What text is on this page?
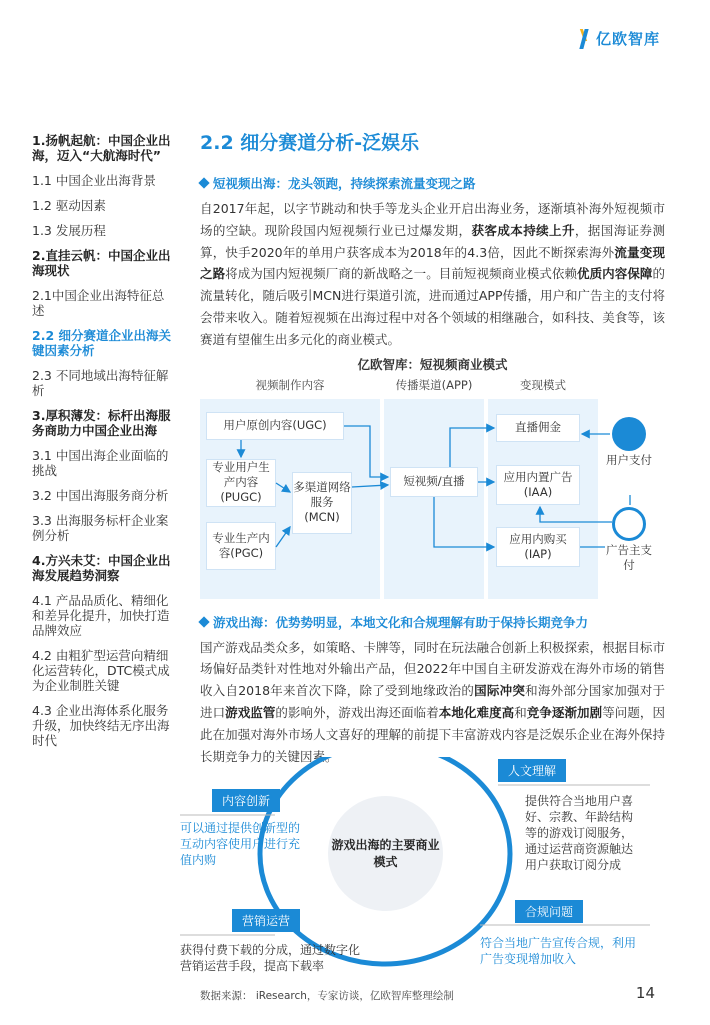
亿欧智库
1.扬帆起航：中国企业出海，迈入“大航海时代”
1.1 中国企业出海背景
1.2 驱动因素
1.3 发展历程
2.直挂云帆：中国企业出海现状
2.1中国企业出海特征总述
2.2 细分赛道企业出海关键因素分析
2.3 不同地域出海特征解析
3.厚积薄发：标杆出海服务商助力中国企业出海
3.1 中国出海企业面临的挑战
3.2 中国出海服务商分析
3.3 出海服务标杆企业案例分析
4.方兴未艾：中国企业出海发展趋势洞察
4.1 产品品质化、精细化和差异化提升，加快打造品牌效应
4.2 由粗犷型运营向精细化运营转化，DTC模式成为企业制胜关键
4.3 企业出海体系化服务升级，加快终结无序出海时代
2.2 细分赛道分析-泛娱乐
短视频出海：龙头领跑，持续探索流量变现之路

自2017年起，以字节跳动和快手等龙头企业开启出海业务，逐渐填补海外短视频市场的空缺。现阶段国内短视频行业已过爆发期，获客成本持续上升，据国海证券测算，快手2020年的单用户获客成本为2018年的4.3倍，因此不断探索海外流量变现之路将成为国内短视频厂商的新战略之一。目前短视频商业模式依赖优质内容保障的流量转化，随后吸引MCN进行渠道引流，进而通过APP传播，用户和广告主的支付将会带来收入。随着短视频在出海过程中对各个领域的相继融合，如科技、美食等，该赛道有望催生出多元化的商业模式。

亿欧智库：短视频商业模式
视频制作内容	传播渠道(APP)	变现模式
用户原创内容(UGC)
专业用户生产内容(PUGC)
专业生产内容(PGC)
多渠道网络服务(MCN)
短视频/直播
直播佣金
应用内置广告(IAA)
应用内购买(IAP)
用户支付
广告主支付
游戏出海：优势势明显，本地文化和合规理解有助于保持长期竞争力

国产游戏品类众多，如策略、卡牌等，同时在玩法融合创新上积极探索，根据目标市场偏好品类针对性地对外输出产品，但2022年中国自主研发游戏在海外市场的销售收入自2018年来首次下降，除了受到地缘政治的国际冲突和海外部分国家加强对于进口游戏监管的影响外，游戏出海还面临着本地化难度高和竞争逐渐加剧等问题，因此在加强对海外市场人文喜好的理解的前提下丰富游戏内容是泛娱乐企业在海外保持长期竞争力的关键因素。

游戏出海的主要商业模式
内容创新
可以通过提供创新型的互动内容使用户进行充值内购
人文理解
提供符合当地用户喜好、宗教、年龄结构等的游戏订阅服务，通过运营商资源触达用户获取订阅分成
营销运营
获得付费下载的分成，通过数字化营销运营手段，提高下载率
合规问题
符合当地广告宣传合规，利用广告变现增加收入
数据来源： iResearch，专家访谈，亿欧智库整理绘制	14
